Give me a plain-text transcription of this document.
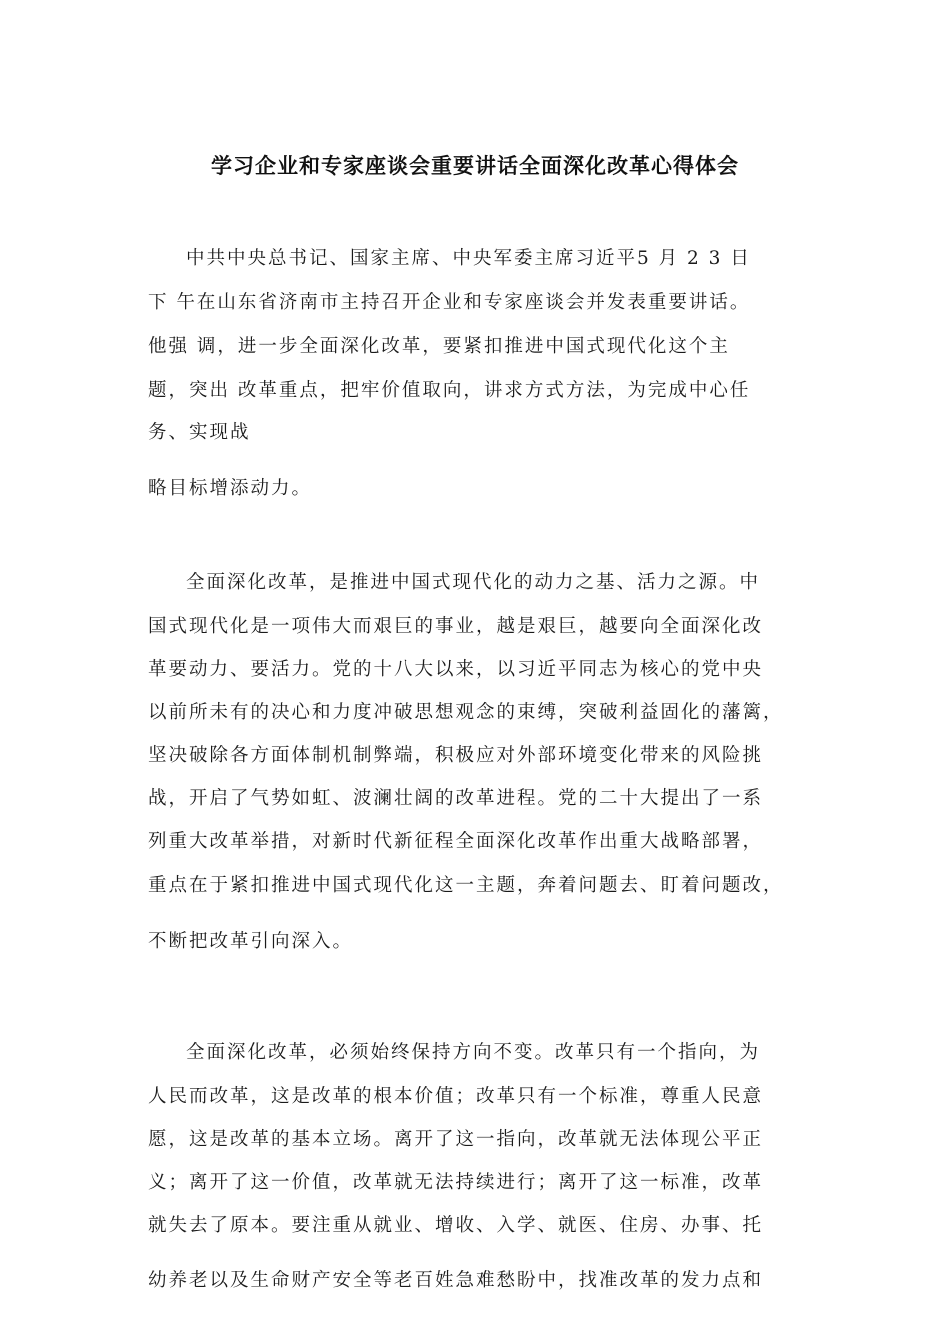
学习企业和专家座谈会重要讲话全面深化改革心得体会
中共中央总书记、国家主席、中央军委主席习近平5 月 2 3 日
下 午在山东省济南市主持召开企业和专家座谈会并发表重要讲话。
他强 调，进一步全面深化改革，要紧扣推进中国式现代化这个主
题，突出 改革重点，把牢价值取向，讲求方式方法，为完成中心任
务、实现战
略目标增添动力。
全面深化改革，是推进中国式现代化的动力之基、活力之源。中
国式现代化是一项伟大而艰巨的事业，越是艰巨，越要向全面深化改
革要动力、要活力。党的十八大以来，以习近平同志为核心的党中央
以前所未有的决心和力度冲破思想观念的束缚，突破利益固化的藩篱，
坚决破除各方面体制机制弊端，积极应对外部环境变化带来的风险挑
战，开启了气势如虹、波澜壮阔的改革进程。党的二十大提出了一系
列重大改革举措，对新时代新征程全面深化改革作出重大战略部署，
重点在于紧扣推进中国式现代化这一主题，奔着问题去、盯着问题改，
不断把改革引向深入。
全面深化改革，必须始终保持方向不变。改革只有一个指向，为
人民而改革，这是改革的根本价值；改革只有一个标准，尊重人民意
愿，这是改革的基本立场。离开了这一指向，改革就无法体现公平正
义；离开了这一价值，改革就无法持续进行；离开了这一标准，改革
就失去了原本。要注重从就业、增收、入学、就医、住房、办事、托
幼养老以及生命财产安全等老百姓急难愁盼中，找准改革的发力点和
